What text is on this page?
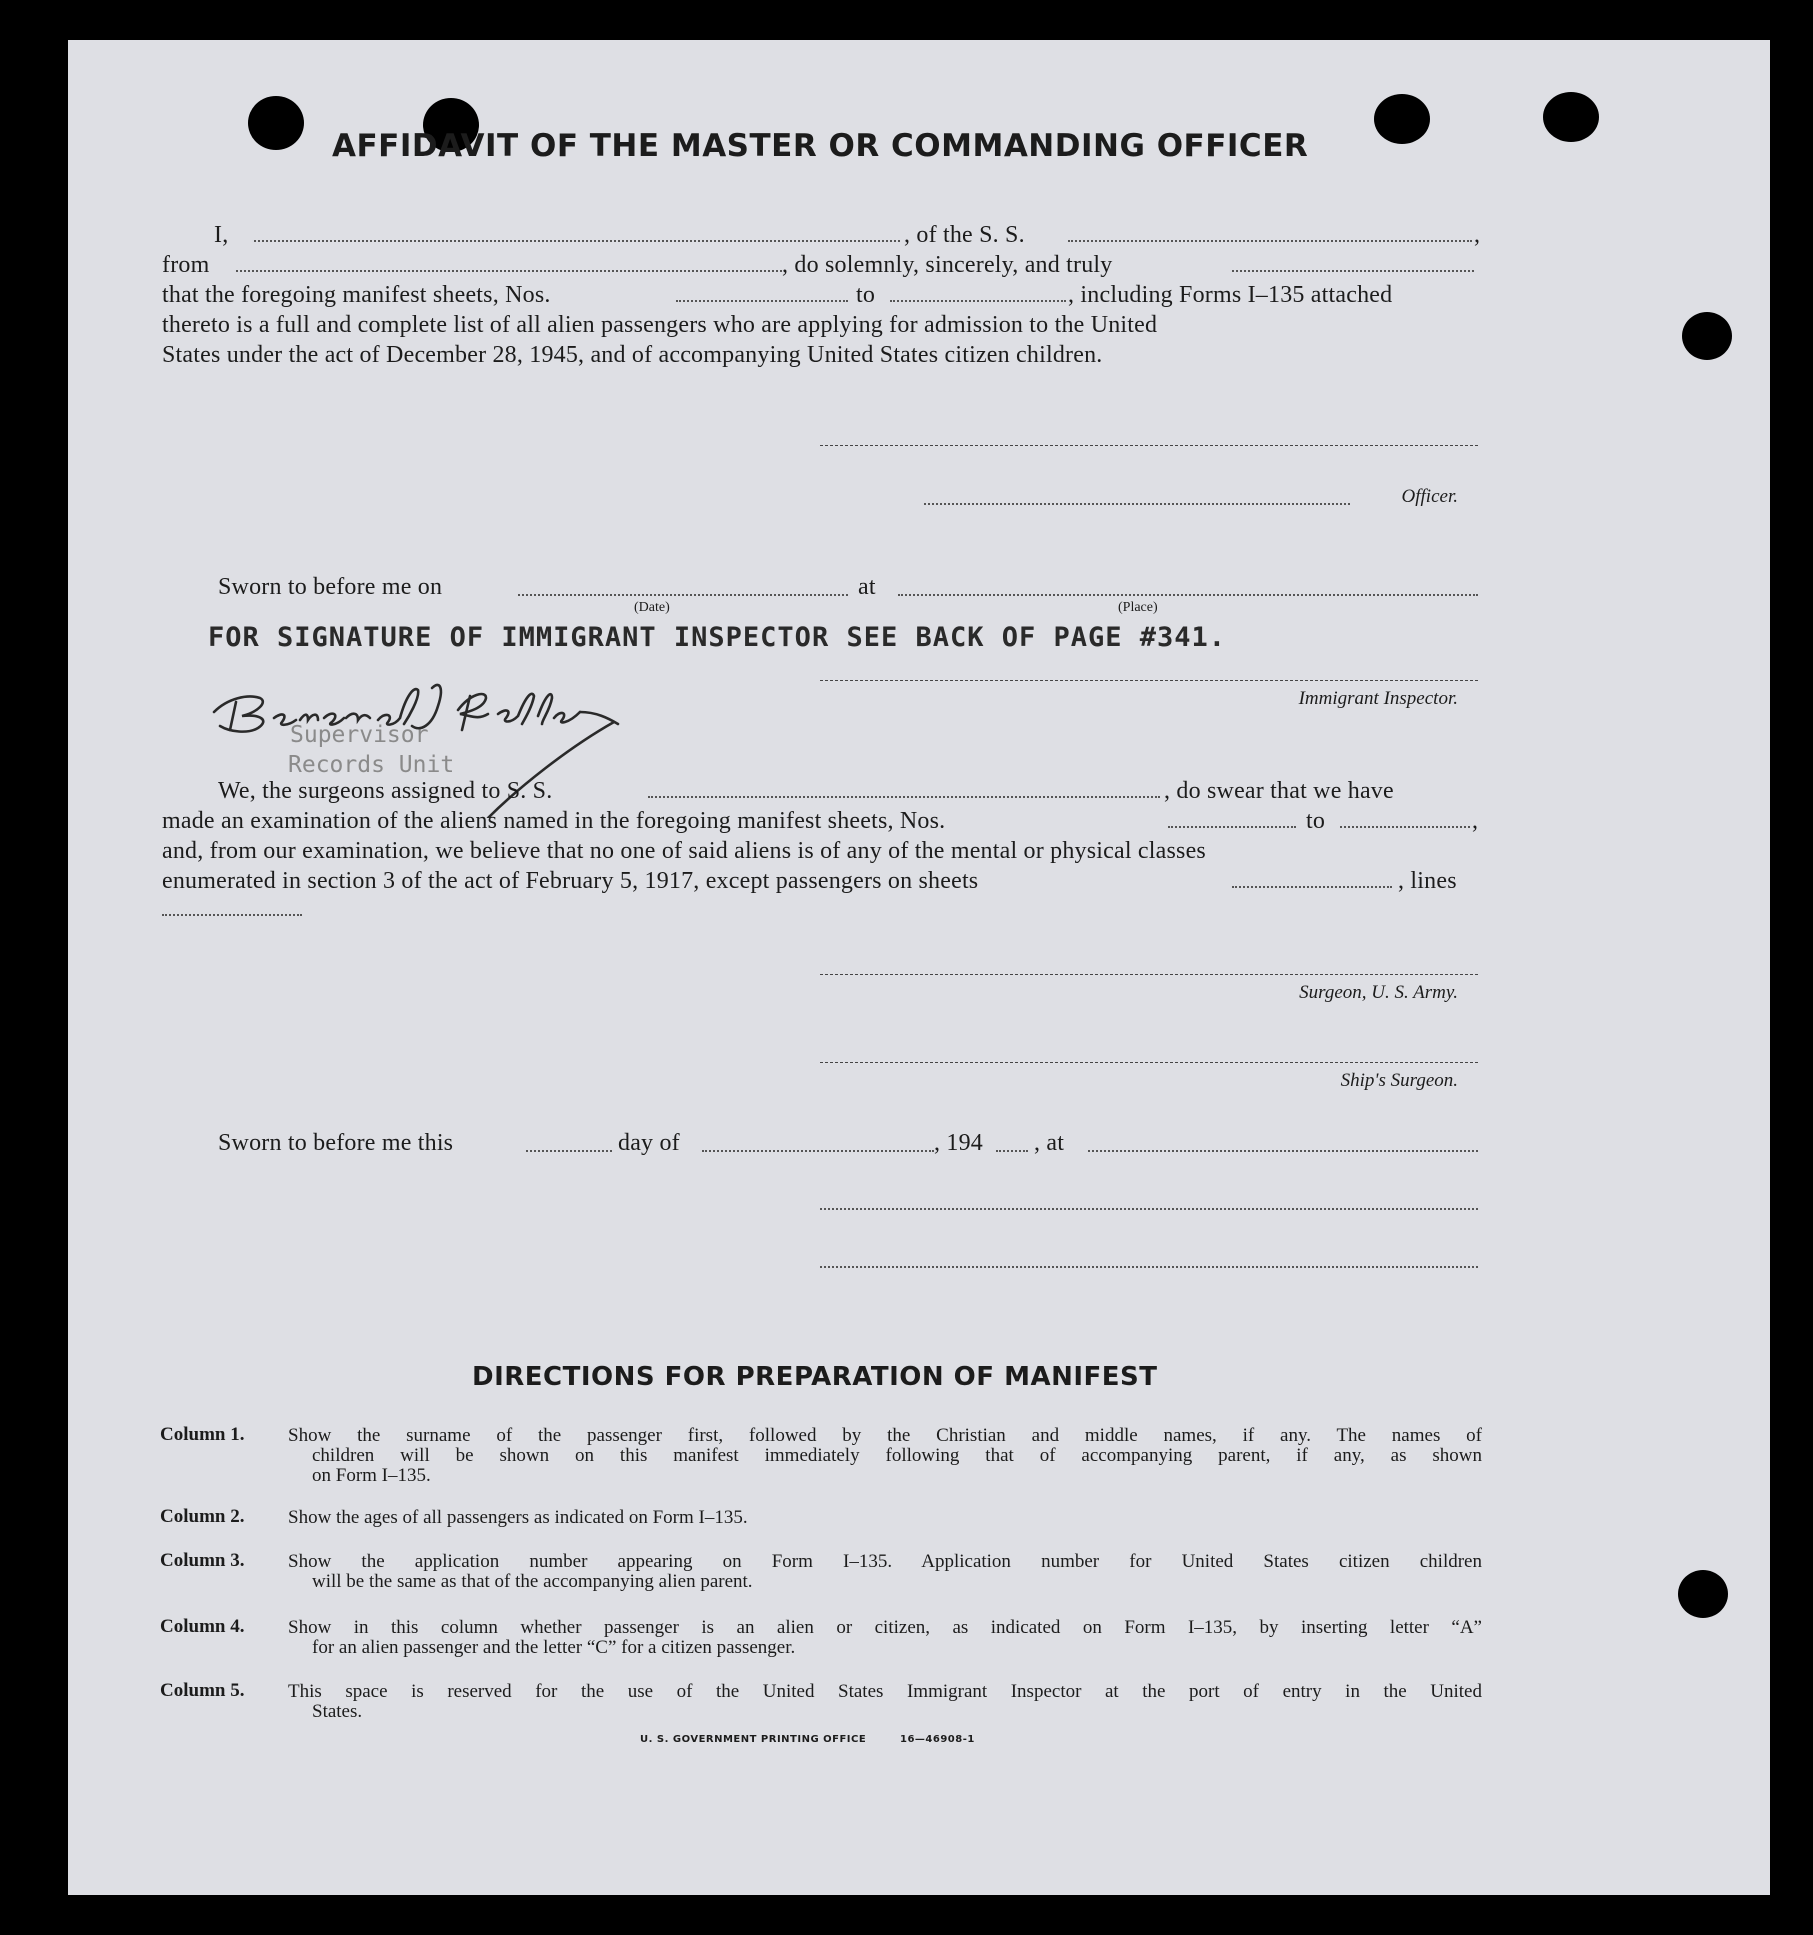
AFFIDAVIT OF THE MASTER OR COMMANDING OFFICER
I,	, of the S. S.	,
from	, do solemnly, sincerely, and truly
that the foregoing manifest sheets, Nos.	to	, including Forms I–135 attached
thereto is a full and complete list of all alien passengers who are applying for admission to the United
States under the act of December 28, 1945, and of accompanying United States citizen children.
Officer.
Sworn to before me on	at
(Date)	(Place)
FOR SIGNATURE OF IMMIGRANT INSPECTOR SEE BACK OF PAGE #341.
Immigrant Inspector.
Supervisor
Records Unit
We, the surgeons assigned to S. S.	, do swear that we have
made an examination of the aliens named in the foregoing manifest sheets, Nos.	to	,
and, from our examination, we believe that no one of said aliens is of any of the mental or physical classes
enumerated in section 3 of the act of February 5, 1917, except passengers on sheets	, lines
Surgeon, U. S. Army.
Ship's Surgeon.
Sworn to before me this	day of	, 194 , at
DIRECTIONS FOR PREPARATION OF MANIFEST
Column 1. Show the surname of the passenger first, followed by the Christian and middle names, if any. The names of
children will be shown on this manifest immediately following that of accompanying parent, if any, as shown
on Form I–135.
Column 2. Show the ages of all passengers as indicated on Form I–135.
Column 3. Show the application number appearing on Form I–135. Application number for United States citizen children
will be the same as that of the accompanying alien parent.
Column 4. Show in this column whether passenger is an alien or citizen, as indicated on Form I–135, by inserting letter “A”
for an alien passenger and the letter “C” for a citizen passenger.
Column 5. This space is reserved for the use of the United States Immigrant Inspector at the port of entry in the United
States.
U. S. GOVERNMENT PRINTING OFFICE	16—46908-1
